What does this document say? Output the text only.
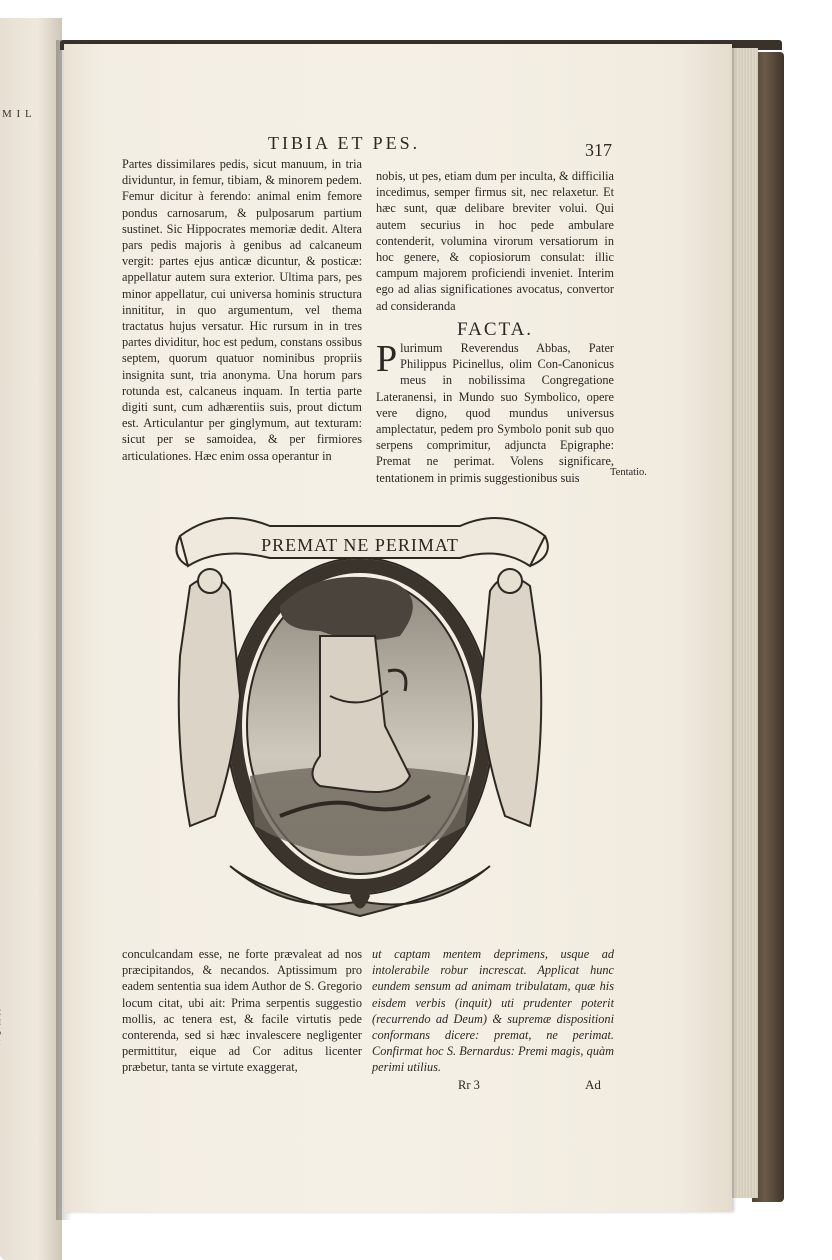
M I L
TIBIA ET PES.	317

Partes dissimilares pedis, sicut manuum, in tria dividuntur, in femur, tibiam, & minorem pedem. Femur dicitur à ferendo: animal enim femore pondus carnosarum, & pulposarum partium sustinet. Sic Hippocrates memoriæ dedit. Altera pars pedis majoris à genibus ad calcaneum vergit: partes ejus anticæ dicuntur, & posticæ: appellatur autem sura exterior. Ultima pars, pes minor appellatur, cui universa hominis structura innititur, in quo argumentum, vel thema tractatus hujus versatur. Hic rursum in in tres partes dividitur, hoc est pedum, constans ossibus septem, quorum quatuor nominibus propriis insignita sunt, tria anonyma. Una horum pars rotunda est, calcaneus inquam. In tertia parte digiti sunt, cum adhærentiis suis, prout dictum est. Articulantur per ginglymum, aut texturam: sicut per se samoidea, & per firmiores articulationes. Hæc enim ossa operantur in

nobis, ut pes, etiam dum per inculta, & difficilia incedimus, semper firmus sit, nec relaxetur. Et hæc sunt, quæ delibare breviter volui. Qui autem securius in hoc pede ambulare contenderit, volumina virorum versatiorum in hoc genere, & copiosiorum consulat: illic campum majorem proficiendi inveniet. Interim ego ad alias significationes avocatus, convertor ad consideranda

FACTA.

Plurimum Reverendus Abbas, Pater Philippus Picinellus, olim Con-Canonicus meus in nobilissima Congregatione Lateranensi, in Mundo suo Symbolico, opere vere digno, quod mundus universus amplectatur, pedem pro Symbolo ponit sub quo serpens comprimitur, adjuncta Epigraphe: Premat ne perimat. Volens significare, tentationem in primis suggestionibus suis	Tentatio.
PREMAT NE PERIMAT

conculcandam esse, ne forte prævaleat ad nos præcipitandos, & necandos. Aptissimum pro eadem sententia sua idem Author de S. Gregorio locum citat, ubi ait: Prima serpentis suggestio mollis, ac tenera est, & facile virtutis pede conterenda, sed si hæc invalescere negligenter permittitur, eique ad Cor aditus licenter præbetur, tanta se virtute exaggerat,

ut captam mentem deprimens, usque ad intolerabile robur increscat. Applicat hunc eundem sensum ad animam tribulatam, quæ his eisdem verbis (inquit) uti prudenter poterit (recurrendo ad Deum) & supremæ dispositioni conformans dicere: premat, ne perimat. Confirmat hoc S. Bernardus: Premi magis, quàm perimi utilius.

Rr 3	Ad
